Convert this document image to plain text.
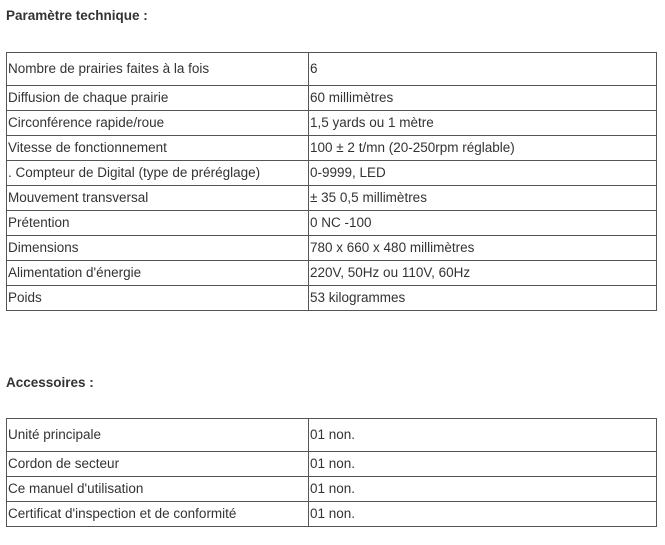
Paramètre technique :

Nombre de prairies faites à la fois	6
Diffusion de chaque prairie	60 millimètres
Circonférence rapide/roue	1,5 yards ou 1 mètre
Vitesse de fonctionnement	100 ± 2 t/mn (20-250rpm réglable)
. Compteur de Digital (type de préréglage)	0-9999, LED
Mouvement transversal	± 35 0,5 millimètres
Prétention	0 NC -100
Dimensions	780 x 660 x 480 millimètres
Alimentation d'énergie	220V, 50Hz ou 110V, 60Hz
Poids	53 kilogrammes

Accessoires :

Unité principale	01 non.
Cordon de secteur	01 non.
Ce manuel d'utilisation	01 non.
Certificat d'inspection et de conformité	01 non.
